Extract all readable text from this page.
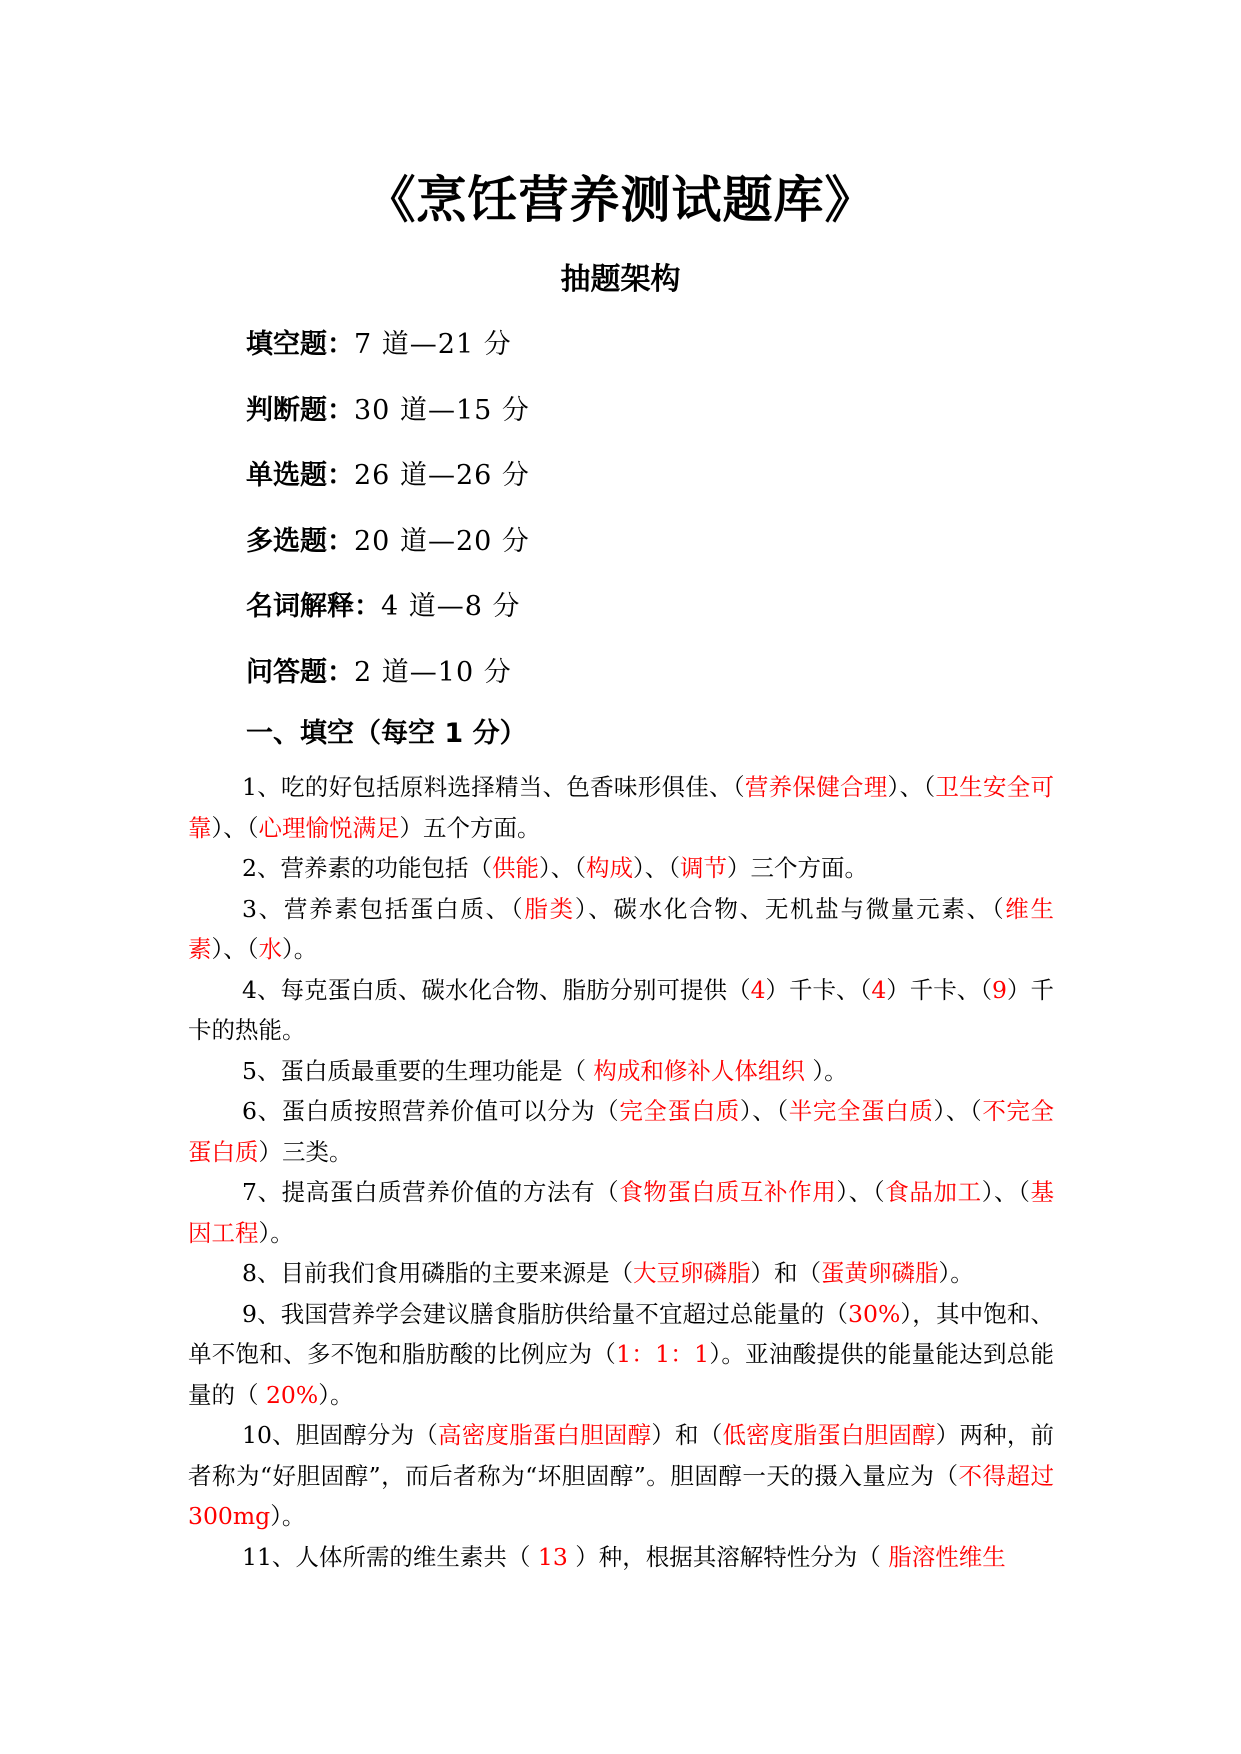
《烹饪营养测试题库》
抽题架构
填空题：7 道—21 分
判断题：30 道—15 分
单选题：26 道—26 分
多选题：20 道—20 分
名词解释：4 道—8 分
问答题：2 道—10 分
一、填空（每空 1 分）

1、吃的好包括原料选择精当、色香味形俱佳、（营养保健合理）、（卫生安全可靠）、（心理愉悦满足）五个方面。

2、营养素的功能包括（供能）、（构成）、（调节）三个方面。

3、营养素包括蛋白质、（脂类）、碳水化合物、无机盐与微量元素、（维生素）、（水）。

4、每克蛋白质、碳水化合物、脂肪分别可提供（4）千卡、（4）千卡、（9）千卡的热能。

5、蛋白质最重要的生理功能是（ 构成和修补人体组织 ）。

6、蛋白质按照营养价值可以分为（完全蛋白质）、（半完全蛋白质）、（不完全蛋白质）三类。

7、提高蛋白质营养价值的方法有（食物蛋白质互补作用）、（食品加工）、（基因工程）。

8、目前我们食用磷脂的主要来源是（大豆卵磷脂）和（蛋黄卵磷脂）。

9、我国营养学会建议膳食脂肪供给量不宜超过总能量的（30%），其中饱和、单不饱和、多不饱和脂肪酸的比例应为（1：1：1）。亚油酸提供的能量能达到总能量的（ 20%）。

10、胆固醇分为（高密度脂蛋白胆固醇）和（低密度脂蛋白胆固醇）两种，前者称为“好胆固醇”，而后者称为“坏胆固醇”。胆固醇一天的摄入量应为（不得超过 300mg）。

11、人体所需的维生素共（ 13 ）种，根据其溶解特性分为（ 脂溶性维生
